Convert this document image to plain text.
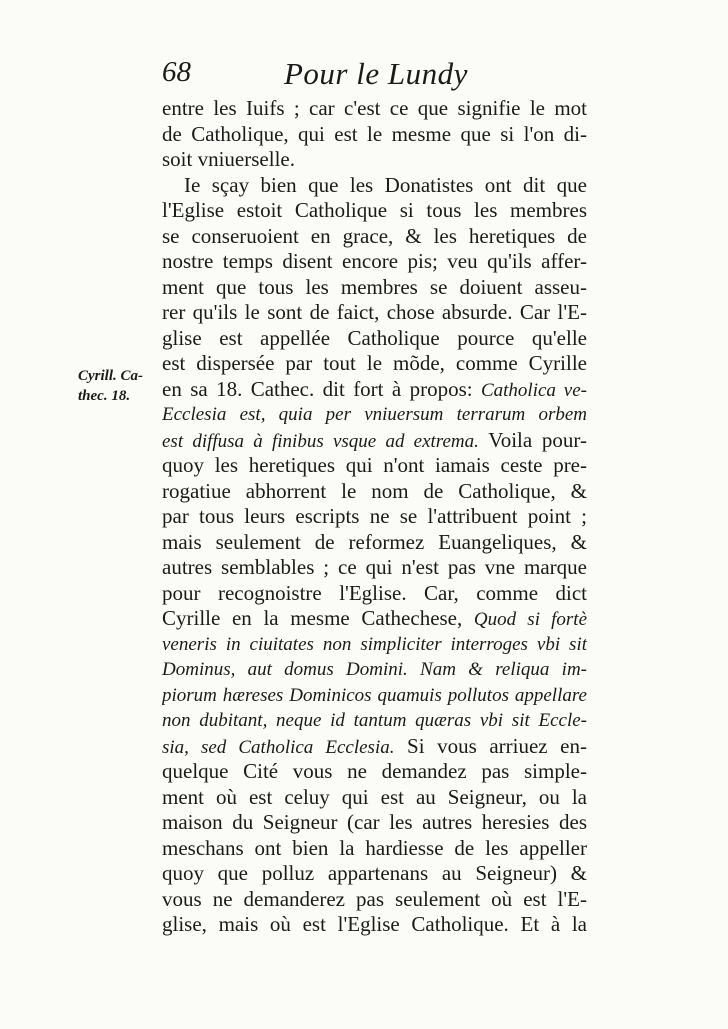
68	Pour le Lundy
Cyrill. Ca-
thec. 18.
entre les Iuifs ; car c'est ce que signifie le mot
de Catholique, qui est le mesme que si l'on di-
soit vniuerselle.
Ie sçay bien que les Donatistes ont dit que
l'Eglise estoit Catholique si tous les membres
se conseruoient en grace, & les heretiques de
nostre temps disent encore pis; veu qu'ils affer-
ment que tous les membres se doiuent asseu-
rer qu'ils le sont de faict, chose absurde. Car l'E-
glise est appellée Catholique pource qu'elle
est dispersée par tout le mõde, comme Cyrille
en sa 18. Cathec. dit fort à propos: Catholica ve-
Ecclesia est, quia per vniuersum terrarum orbem
est diffusa à finibus vsque ad extrema. Voila pour-
quoy les heretiques qui n'ont iamais ceste pre-
rogatiue abhorrent le nom de Catholique, &
par tous leurs escripts ne se l'attribuent point ;
mais seulement de reformez Euangeliques, &
autres semblables ; ce qui n'est pas vne marque
pour recognoistre l'Eglise. Car, comme dict
Cyrille en la mesme Cathechese, Quod si fortè
veneris in ciuitates non simpliciter interroges vbi sit
Dominus, aut domus Domini. Nam & reliqua im-
piorum hæreses Dominicos quamuis pollutos appellare
non dubitant, neque id tantum quæras vbi sit Eccle-
sia, sed Catholica Ecclesia. Si vous arriuez en-
quelque Cité vous ne demandez pas simple-
ment où est celuy qui est au Seigneur, ou la
maison du Seigneur (car les autres heresies des
meschans ont bien la hardiesse de les appeller
quoy que polluz appartenans au Seigneur) &
vous ne demanderez pas seulement où est l'E-
glise, mais où est l'Eglise Catholique. Et à la
